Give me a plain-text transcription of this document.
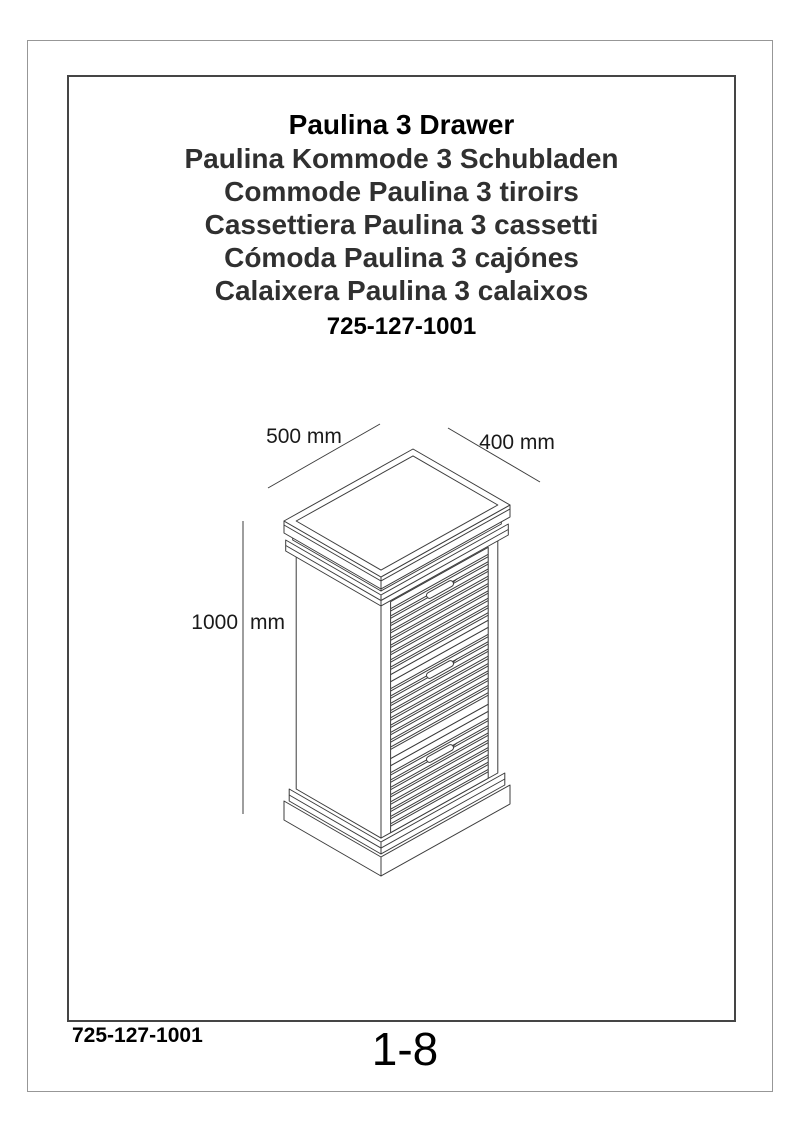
Paulina 3 Drawer
Paulina Kommode 3 Schubladen
Commode Paulina 3 tiroirs
Cassettiera Paulina 3 cassetti
Cómoda Paulina 3 cajónes
Calaixera Paulina 3 calaixos
725-127-1001
500 mm	400 mm
1000 mm
725-127-1001	1-8
